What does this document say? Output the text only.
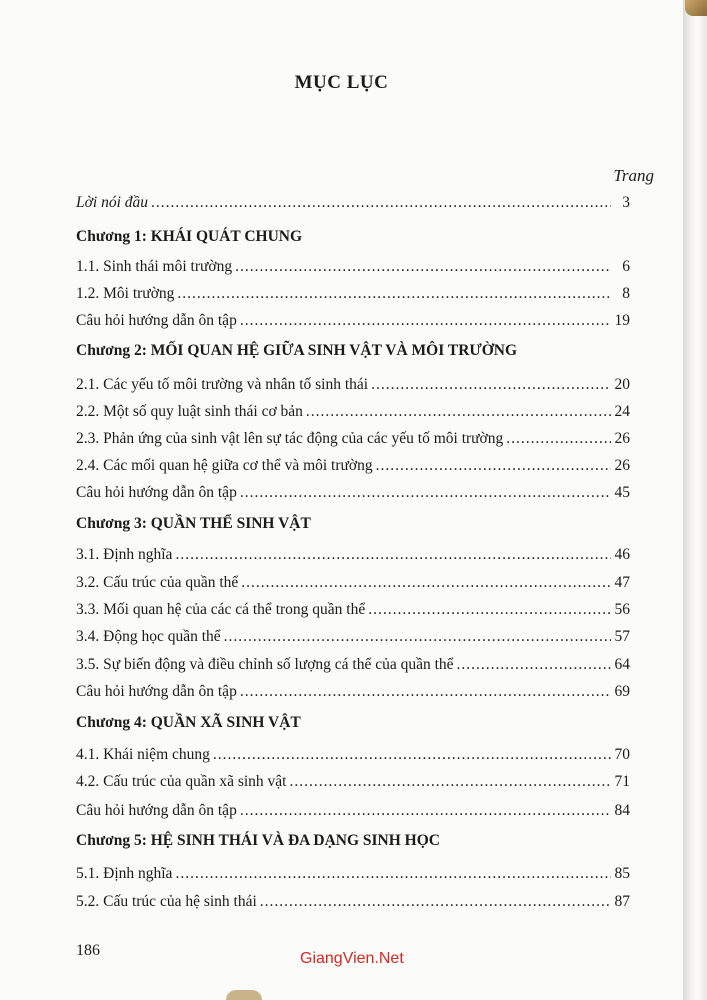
MỤC LỤC
Trang
Lời nói đầu .....	3
Chương 1: KHÁI QUÁT CHUNG
1.1. Sinh thái môi trường .....	6
1.2. Môi trường .....	8
Câu hỏi hướng dẫn ôn tập .....	19
Chương 2: MỐI QUAN HỆ GIỮA SINH VẬT VÀ MÔI TRƯỜNG
2.1. Các yếu tố môi trường và nhân tố sinh thái .....	20
2.2. Một số quy luật sinh thái cơ bản .....	24
2.3. Phản ứng của sinh vật lên sự tác động của các yếu tố môi trường .....	26
2.4. Các mối quan hệ giữa cơ thể và môi trường .....	26
Câu hỏi hướng dẫn ôn tập .....	45
Chương 3: QUẦN THỂ SINH VẬT
3.1. Định nghĩa .....	46
3.2. Cấu trúc của quần thể .....	47
3.3. Mối quan hệ của các cá thể trong quần thể .....	56
3.4. Động học quần thể .....	57
3.5. Sự biến động và điều chỉnh số lượng cá thể của quần thể .....	64
Câu hỏi hướng dẫn ôn tập .....	69
Chương 4: QUẦN XÃ SINH VẬT
4.1. Khái niệm chung .....	70
4.2. Cấu trúc của quần xã sinh vật .....	71
Câu hỏi hướng dẫn ôn tập .....	84
Chương 5: HỆ SINH THÁI VÀ ĐA DẠNG SINH HỌC
5.1. Định nghĩa .....	85
5.2. Cấu trúc của hệ sinh thái .....	87
186	GiangVien.Net
